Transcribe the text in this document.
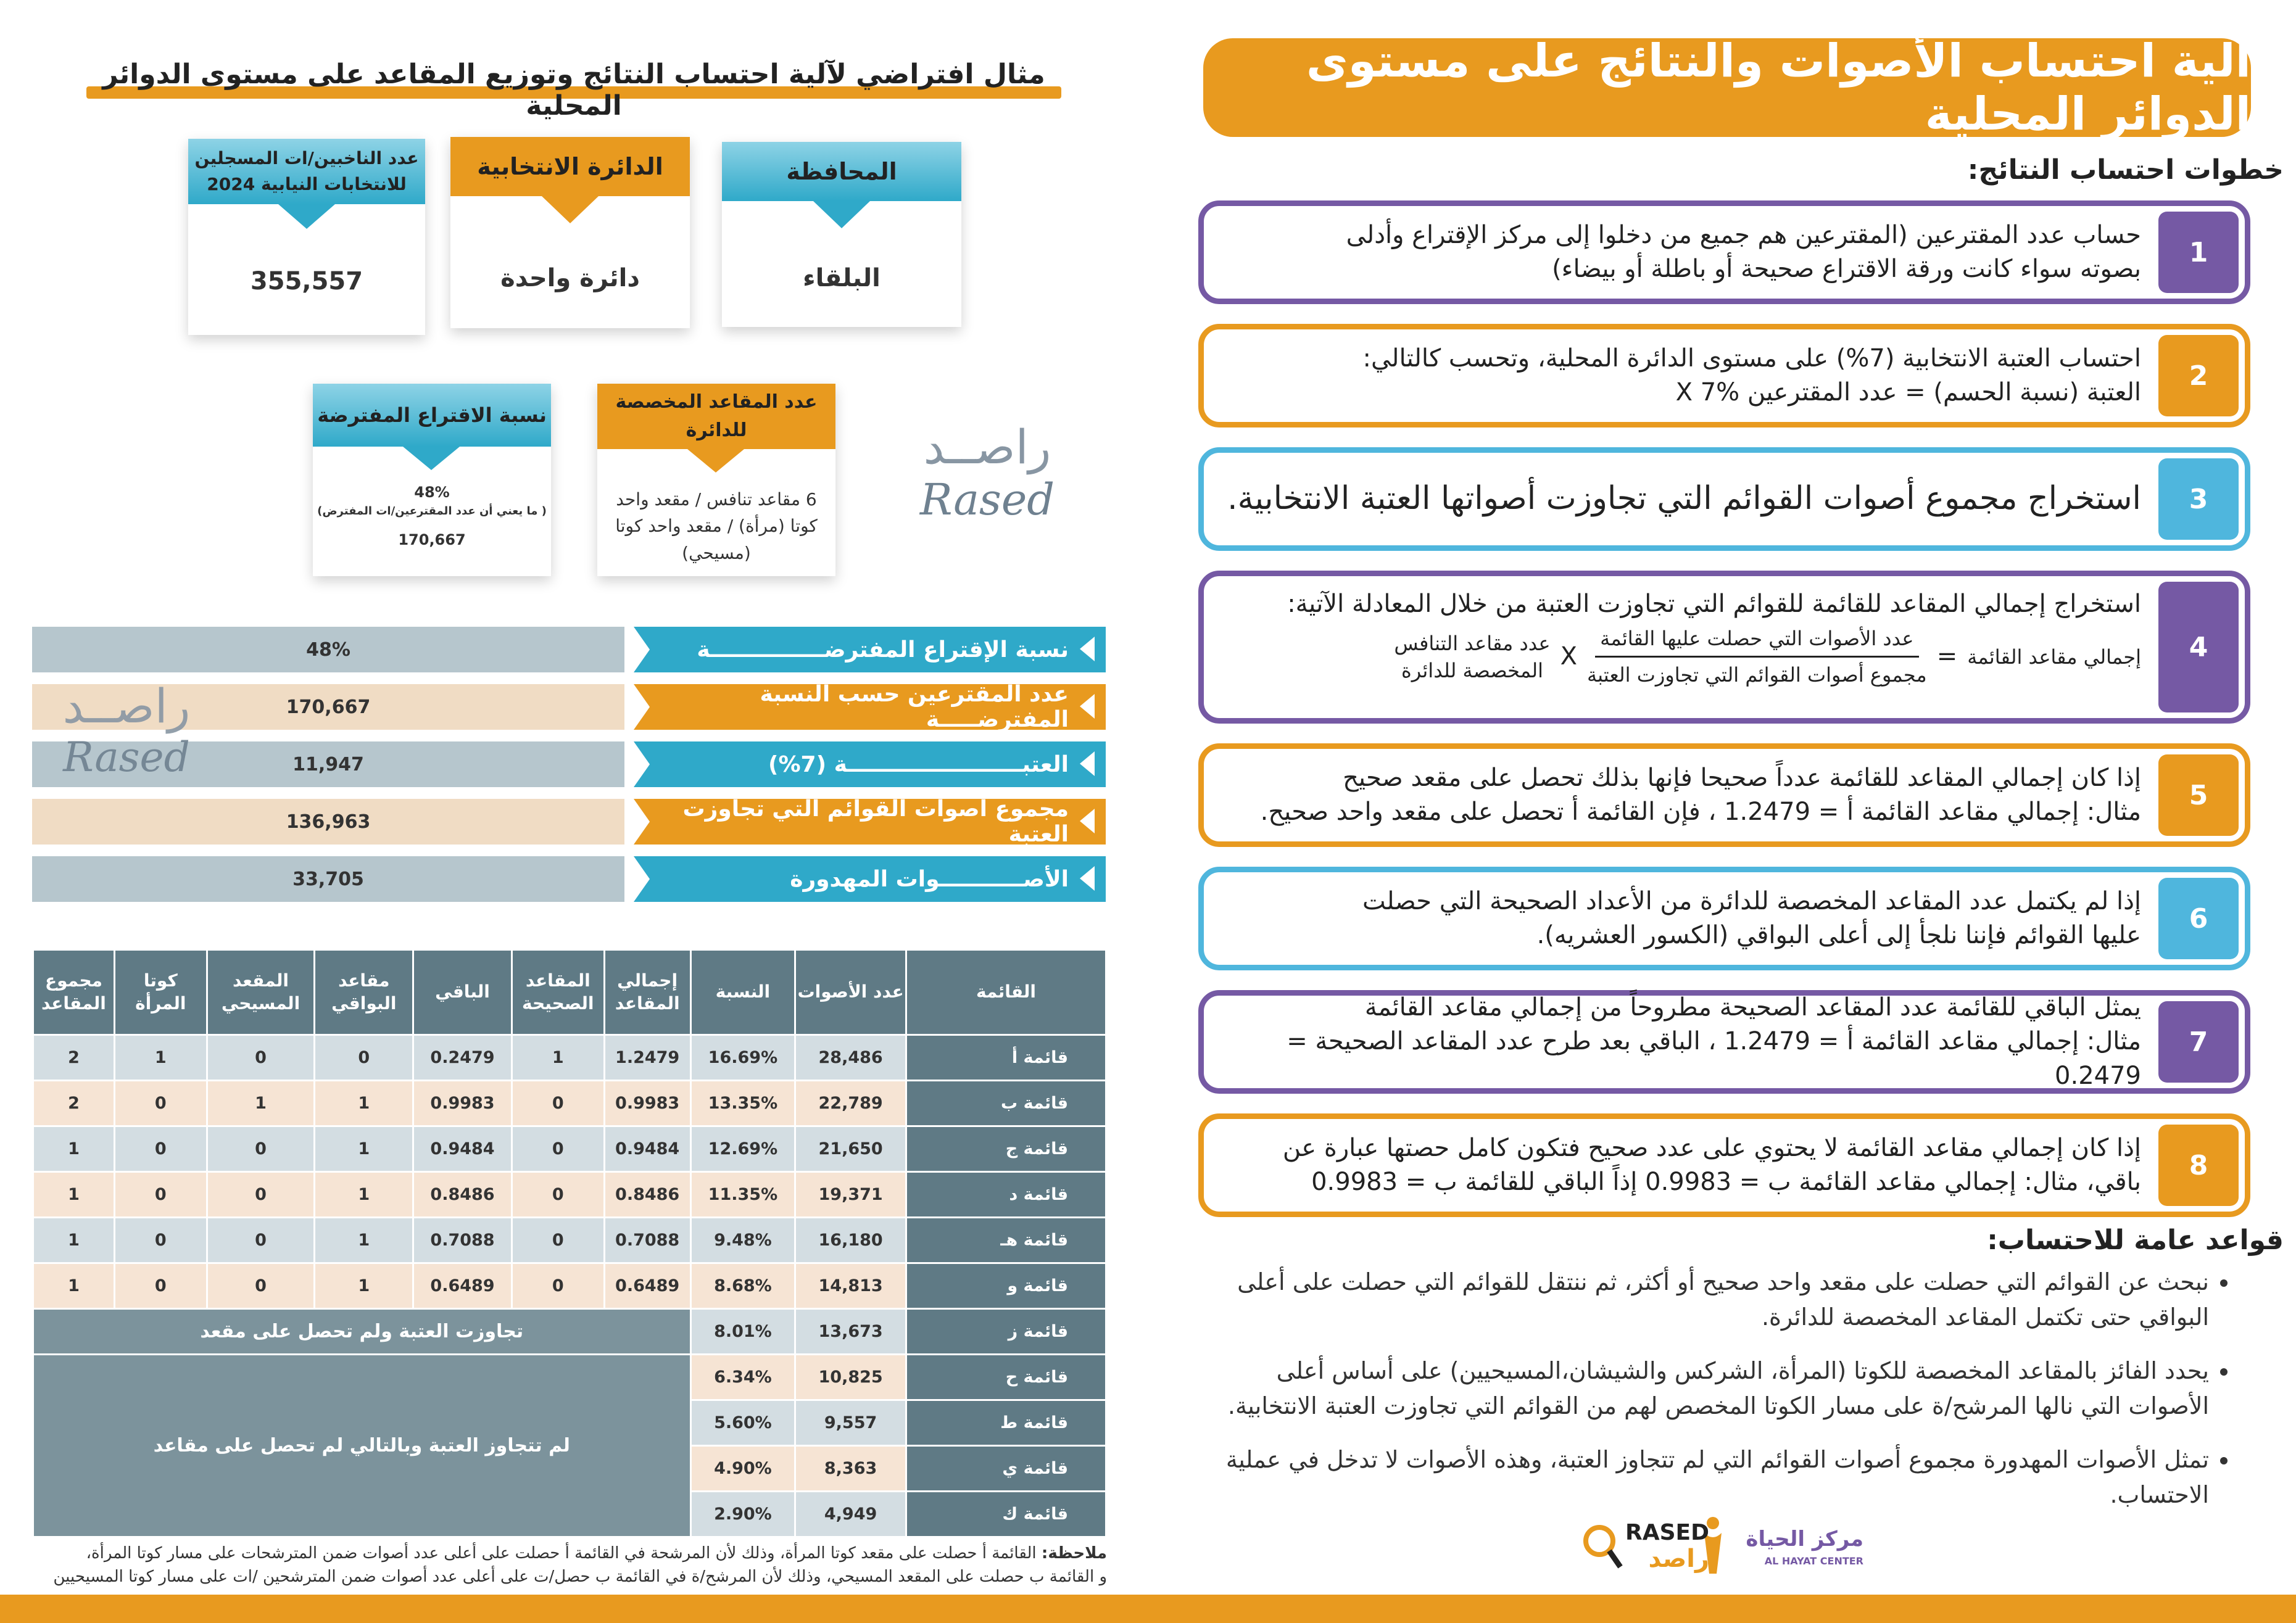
آلية احتساب الأصوات والنتائج على مستوى الدوائر المحلية
خطوات احتساب النتائج:
1
حساب عدد المقترعين (المقترعين هم جميع من دخلوا إلى مركز الإقتراع وأدلى
بصوته سواء كانت ورقة الاقتراع صحيحة أو باطلة أو بيضاء)
2
احتساب العتبة الانتخابية (7%) على مستوى الدائرة المحلية، وتحسب كالتالي:
العتبة (نسبة الحسم) = عدد المقترعين X 7%
3
استخراج مجموع أصوات القوائم التي تجاوزت أصواتها العتبة الانتخابية.
4
استخراج إجمالي المقاعد للقائمة للقوائم التي تجاوزت العتبة من خلال المعادلة الآتية:
إجمالي مقاعد القائمة
=
$\frac{\text{عدد الأصوات التي حصلت عليها القائمة}}{\text{مجموع أصوات القوائم التي تجاوزت العتبة}}$
X
عدد مقاعد التنافس
المخصصة للدائرة
5
إذا كان إجمالي المقاعد للقائمة عدداً صحيحا فإنها بذلك تحصل على مقعد صحيح
مثال: إجمالي مقاعد القائمة أ = 1.2479 ، فإن القائمة أ تحصل على مقعد واحد صحيح.
6
إذا لم يكتمل عدد المقاعد المخصصة للدائرة من الأعداد الصحيحة التي حصلت
عليها القوائم فإننا نلجأ إلى أعلى البواقي (الكسور العشريه).
7
يمثل الباقي للقائمة عدد المقاعد الصحيحة مطروحاً من إجمالي مقاعد القائمة
مثال: إجمالي مقاعد القائمة أ = 1.2479 ، الباقي بعد طرح عدد المقاعد الصحيحة = 0.2479
8
إذا كان إجمالي مقاعد القائمة لا يحتوي على عدد صحيح فتكون كامل حصتها عبارة عن
باقي، مثال: إجمالي مقاعد القائمة ب = 0.9983 إذاً الباقي للقائمة ب = 0.9983
قواعد عامة للاحتساب:
• نبحث عن القوائم التي حصلت على مقعد واحد صحيح أو أكثر، ثم ننتقل للقوائم التي حصلت على أعلى البواقي حتى تكتمل المقاعد المخصصة للدائرة.
• يحدد الفائز بالمقاعد المخصصة للكوتا (المرأة، الشركس والشيشان،المسيحيين) على أساس أعلى الأصوات التي نالها المرشح/ة على مسار الكوتا المخصص لهم من القوائم التي تجاوزت العتبة الانتخابية.
• تمثل الأصوات المهدورة مجموع أصوات القوائم التي لم تتجاوز العتبة، وهذه الأصوات لا تدخل في عملية الاحتساب.
مركز الحياة
AL HAYAT CENTER
RASED
راصد
مثال افتراضي لآلية احتساب النتائج وتوزيع المقاعد على مستوى الدوائر المحلية
المحافظة
البلقاء
الدائرة الانتخابية
دائرة واحدة
عدد الناخبين/ات المسجلين
للانتخابات النيابية 2024
355,557
عدد المقاعد المخصصة
للدائرة
6 مقاعد تنافس / مقعد واحد
كوتا (مرأة) / مقعد واحد كوتا
(مسيحي)
نسبة الاقتراع المفترضة
48%
( ما يعني أن عدد المقترعين/ات المفترض)
170,667
راصــد
Rased
48%	نسبة الإقتراع المفترضـــــــــــــــة
170,667	عدد المقترعين حسب النسبة المفترضـــــة
11,947	العتبـــــــــــــــــــــــة (7%)
136,963	مجموع أصوات القوائم التي تجاوزت العتبة
33,705	الأصـــــــــــوات المهدورة
راصــد
Rased
القائمة	عدد الأصوات	النسبة	إجمالي المقاعد	المقاعد الصحيحة	الباقي	مقاعد البواقي	المقعد المسيحي	كوتا المرأة	مجموع المقاعد
قائمة أ	28,486	16.69%	1.2479	1	0.2479	0	0	1	2
قائمة ب	22,789	13.35%	0.9983	0	0.9983	1	1	0	2
قائمة ج	21,650	12.69%	0.9484	0	0.9484	1	0	0	1
قائمة د	19,371	11.35%	0.8486	0	0.8486	1	0	0	1
قائمة هـ	16,180	9.48%	0.7088	0	0.7088	1	0	0	1
قائمة و	14,813	8.68%	0.6489	0	0.6489	1	0	0	1
قائمة ز	13,673	8.01%	تجاوزت العتبة ولم تحصل على مقعد						
قائمة ح	10,825	6.34%	لم تتجاوز العتبة وبالتالي لم تحصل على مقاعد						
قائمة ط	9,557	5.60%							
قائمة ي	8,363	4.90%							
قائمة ك	4,949	2.90%							
ملاحظة: القائمة أ حصلت على مقعد كوتا المرأة، وذلك لأن المرشحة في القائمة أ حصلت على أعلى عدد أصوات ضمن المترشحات على مسار كوتا المرأة،
و القائمة ب حصلت على المقعد المسيحي، وذلك لأن المرشح/ة في القائمة ب حصل/ت على أعلى عدد أصوات ضمن المترشحين /ات على مسار كوتا المسيحيين
